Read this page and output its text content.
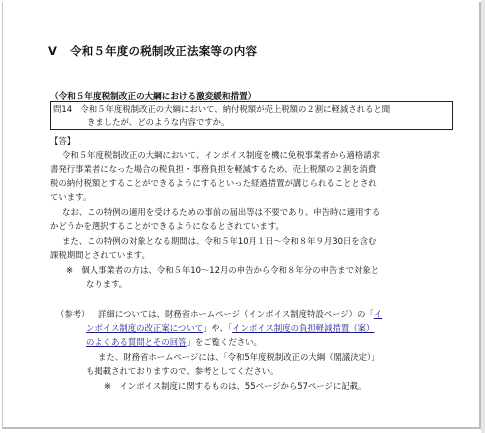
V 令和５年度の税制改正法案等の内容
（令和５年度税制改正の大綱における激変緩和措置）
問14　令和５年度税制改正の大綱において、納付税額が売上税額の２割に軽減されると聞
きましたが、どのような内容ですか。
【答】
令和５年度税制改正の大綱において、インボイス制度を機に免税事業者から適格請求
書発行事業者になった場合の税負担・事務負担を軽減するため、売上税額の２割を消費
税の納付税額とすることができるようにするといった経過措置が講じられることとされ
ています。
なお、この特例の適用を受けるための事前の届出等は不要であり、申告時に適用する
かどうかを選択することができるようになるとされています。
また、この特例の対象となる期間は、令和５年10月１日～令和８年９月30日を含む
課税期間とされています。
※　個人事業者の方は、令和５年10～12月の申告から令和８年分の申告まで対象と
なります。
（参考） 詳細については、財務省ホームページ（インボイス制度特設ページ）の「イ
ンボイス制度の改正案について」や、「インボイス制度の負担軽減措置（案）
のよくある質問とその回答」をご覧ください。
また、財務省ホームページには、「令和5年度税制改正の大綱（閣議決定）」
も掲載されておりますので、参考としてください。
※　インボイス制度に関するものは、55ページから57ページに記載。
